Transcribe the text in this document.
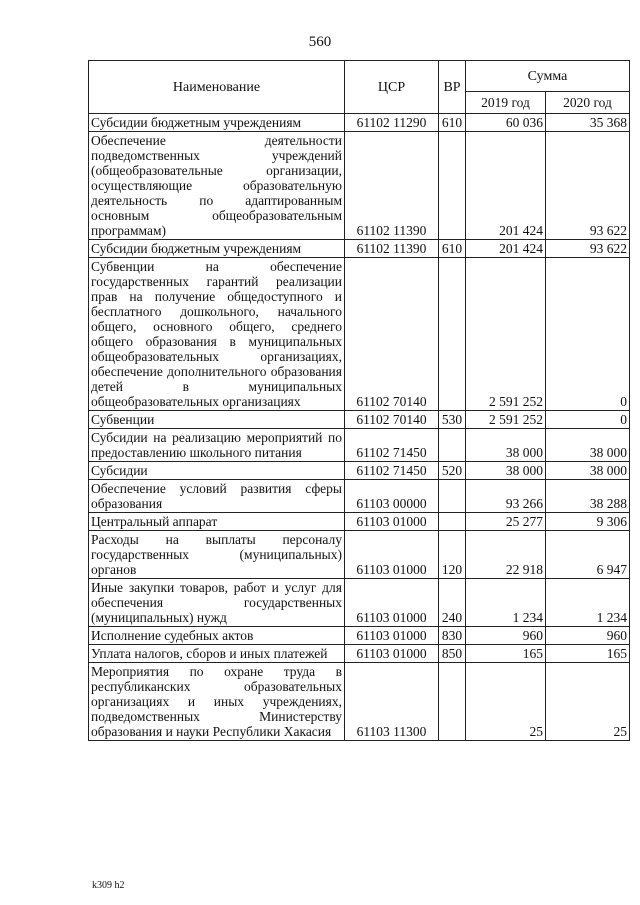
560
Наименование	ЦСР	ВР	Сумма	
			2019 год	2020 год
Субсидии бюджетным учреждениям	61102 11290	610	60 036	35 368
Обеспечение деятельности подведомственных учреждений (общеобразовательные организации, осуществляющие образовательную деятельность по адаптированным основным общеобразовательным программам)	61102 11390		201 424	93 622
Субсидии бюджетным учреждениям	61102 11390	610	201 424	93 622
Субвенции на обеспечение государственных гарантий реализации прав на получение общедоступного и бесплатного дошкольного, начального общего, основного общего, среднего общего образования в муниципальных общеобразовательных организациях, обеспечение дополнительного образования детей в муниципальных общеобразовательных организациях	61102 70140		2 591 252	0
Субвенции	61102 70140	530	2 591 252	0
Субсидии на реализацию мероприятий по предоставлению школьного питания	61102 71450		38 000	38 000
Субсидии	61102 71450	520	38 000	38 000
Обеспечение условий развития сферы образования	61103 00000		93 266	38 288
Центральный аппарат	61103 01000		25 277	9 306
Расходы на выплаты персоналу государственных (муниципальных) органов	61103 01000	120	22 918	6 947
Иные закупки товаров, работ и услуг для обеспечения государственных (муниципальных) нужд	61103 01000	240	1 234	1 234
Исполнение судебных актов	61103 01000	830	960	960
Уплата налогов, сборов и иных платежей	61103 01000	850	165	165
Мероприятия по охране труда в республиканских образовательных организациях и иных учреждениях, подведомственных Министерству образования и науки Республики Хакасия	61103 11300		25	25
k309 h2
